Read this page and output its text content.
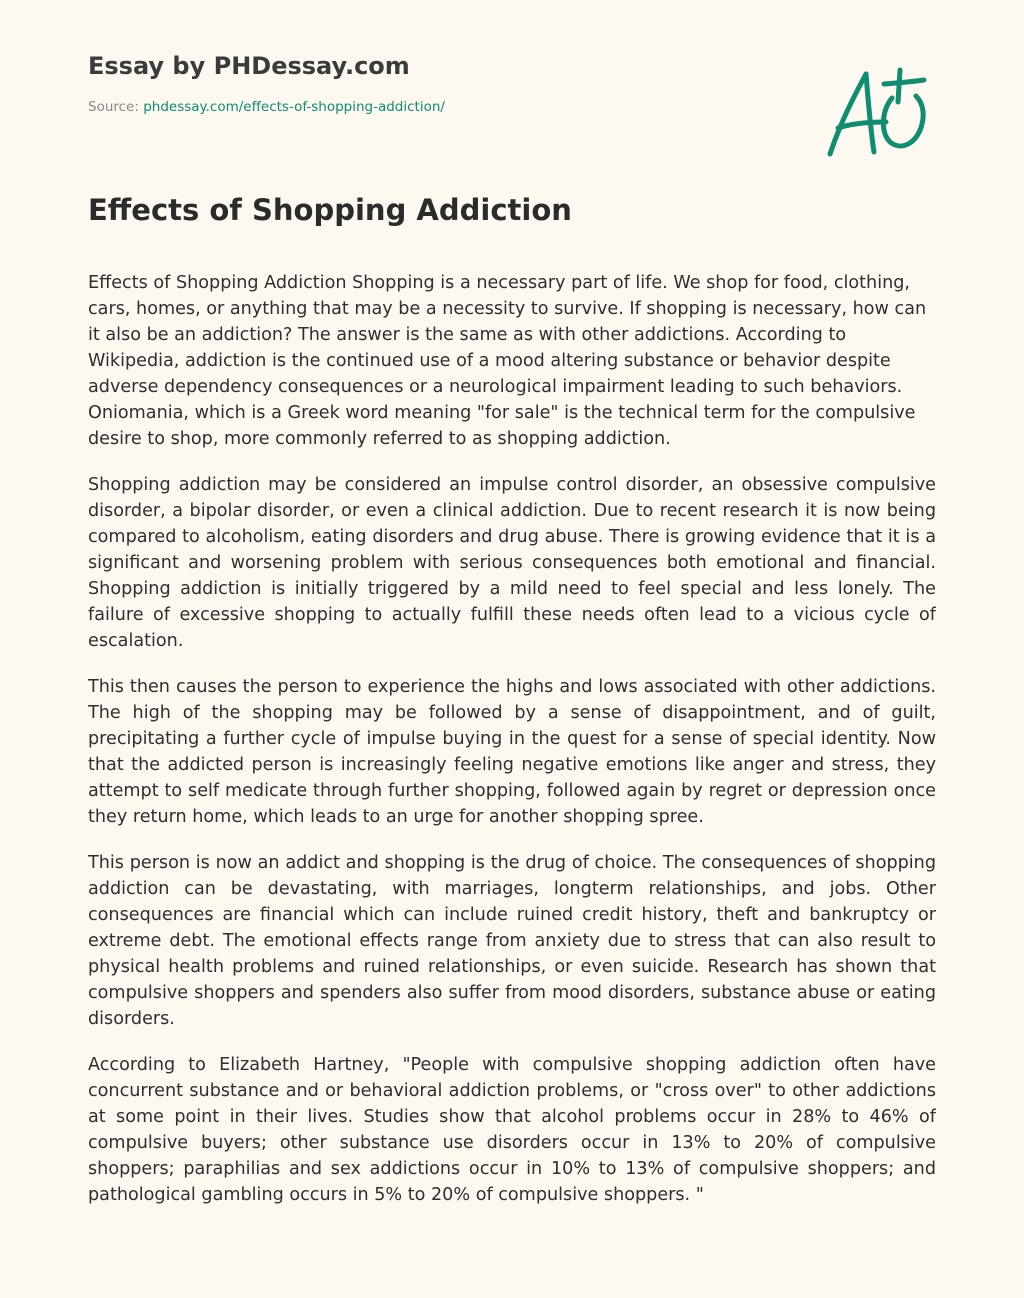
Essay by PHDessay.com
Source: phdessay.com/effects-of-shopping-addiction/
Effects of Shopping Addiction

Effects of Shopping Addiction Shopping is a necessary part of life. We shop for food, clothing, cars, homes, or anything that may be a necessity to survive. If shopping is necessary, how can it also be an addiction? The answer is the same as with other addictions. According to Wikipedia, addiction is the continued use of a mood altering substance or behavior despite adverse dependency consequences or a neurological impairment leading to such behaviors. Oniomania, which is a Greek word meaning "for sale" is the technical term for the compulsive desire to shop, more commonly referred to as shopping addiction.

Shopping addiction may be considered an impulse control disorder, an obsessive compulsive disorder, a bipolar disorder, or even a clinical addiction. Due to recent research it is now being compared to alcoholism, eating disorders and drug abuse. There is growing evidence that it is a significant and worsening problem with serious consequences both emotional and financial. Shopping addiction is initially triggered by a mild need to feel special and less lonely. The failure of excessive shopping to actually fulfill these needs often lead to a vicious cycle of escalation.

This then causes the person to experience the highs and lows associated with other addictions. The high of the shopping may be followed by a sense of disappointment, and of guilt, precipitating a further cycle of impulse buying in the quest for a sense of special identity. Now that the addicted person is increasingly feeling negative emotions like anger and stress, they attempt to self medicate through further shopping, followed again by regret or depression once they return home, which leads to an urge for another shopping spree.

This person is now an addict and shopping is the drug of choice. The consequences of shopping addiction can be devastating, with marriages, longterm relationships, and jobs. Other consequences are financial which can include ruined credit history, theft and bankruptcy or extreme debt. The emotional effects range from anxiety due to stress that can also result to physical health problems and ruined relationships, or even suicide. Research has shown that compulsive shoppers and spenders also suffer from mood disorders, substance abuse or eating disorders.

According to Elizabeth Hartney, "People with compulsive shopping addiction often have concurrent substance and or behavioral addiction problems, or "cross over" to other addictions at some point in their lives. Studies show that alcohol problems occur in 28% to 46% of compulsive buyers; other substance use disorders occur in 13% to 20% of compulsive shoppers; paraphilias and sex addictions occur in 10% to 13% of compulsive shoppers; and pathological gambling occurs in 5% to 20% of compulsive shoppers. "
